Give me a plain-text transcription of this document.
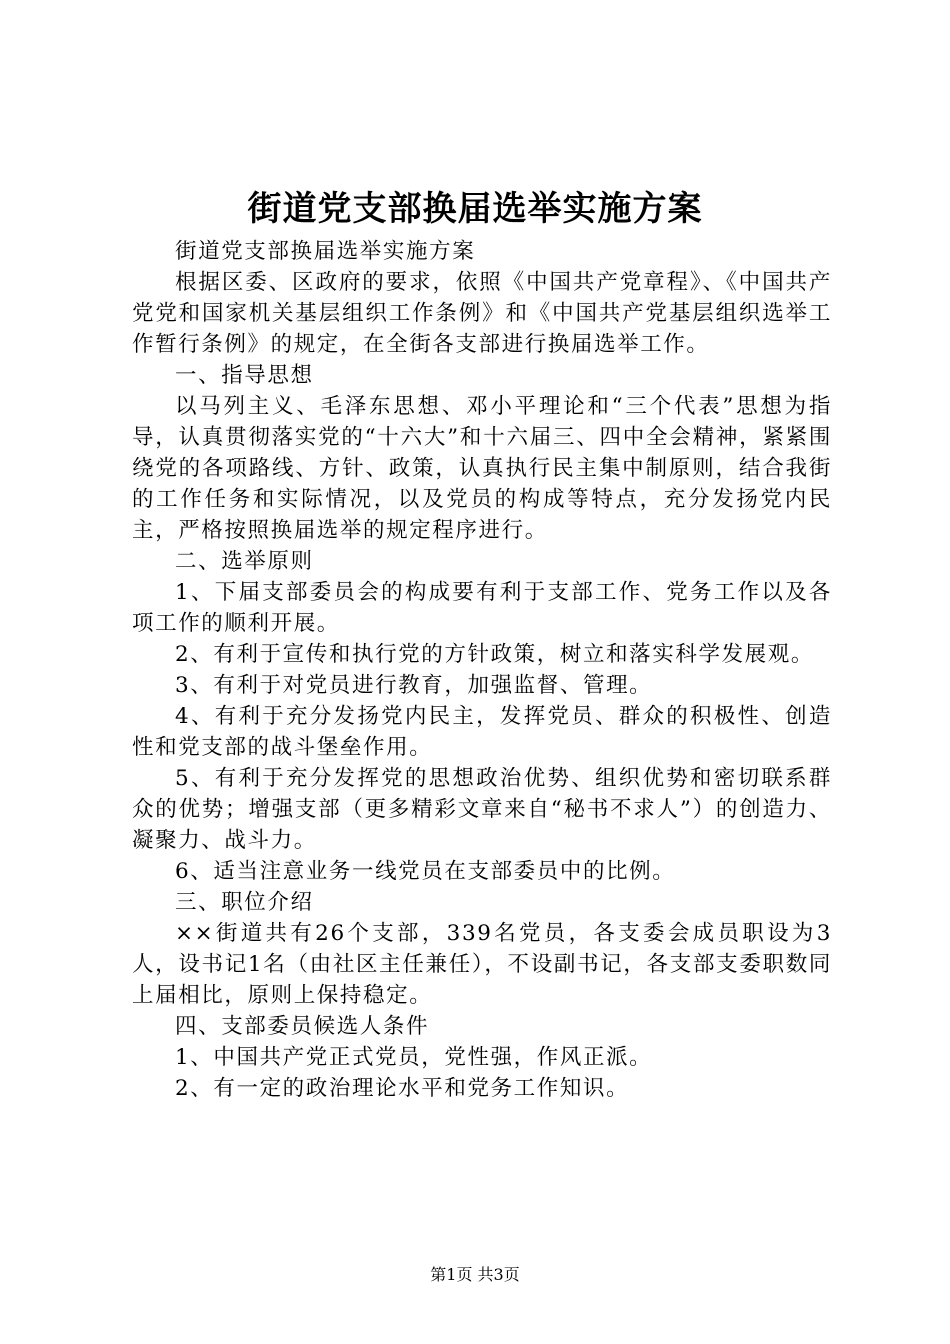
街道党支部换届选举实施方案

街道党支部换届选举实施方案

根据区委、区政府的要求，依照《中国共产党章程》、《中国共产党党和国家机关基层组织工作条例》和《中国共产党基层组织选举工作暂行条例》的规定，在全街各支部进行换届选举工作。

一、指导思想

以马列主义、毛泽东思想、邓小平理论和“三个代表”思想为指导，认真贯彻落实党的“十六大”和十六届三、四中全会精神，紧紧围绕党的各项路线、方针、政策，认真执行民主集中制原则，结合我街的工作任务和实际情况，以及党员的构成等特点，充分发扬党内民主，严格按照换届选举的规定程序进行。

二、选举原则

1、下届支部委员会的构成要有利于支部工作、党务工作以及各项工作的顺利开展。

2、有利于宣传和执行党的方针政策，树立和落实科学发展观。

3、有利于对党员进行教育，加强监督、管理。

4、有利于充分发扬党内民主，发挥党员、群众的积极性、创造性和党支部的战斗堡垒作用。

5、有利于充分发挥党的思想政治优势、组织优势和密切联系群众的优势；增强支部（更多精彩文章来自“秘书不求人”）的创造力、凝聚力、战斗力。

6、适当注意业务一线党员在支部委员中的比例。

三、职位介绍

××街道共有26个支部，339名党员，各支委会成员职设为3人，设书记1名（由社区主任兼任），不设副书记，各支部支委职数同上届相比，原则上保持稳定。

四、支部委员候选人条件

1、中国共产党正式党员，党性强，作风正派。

2、有一定的政治理论水平和党务工作知识。

第1页 共3页
